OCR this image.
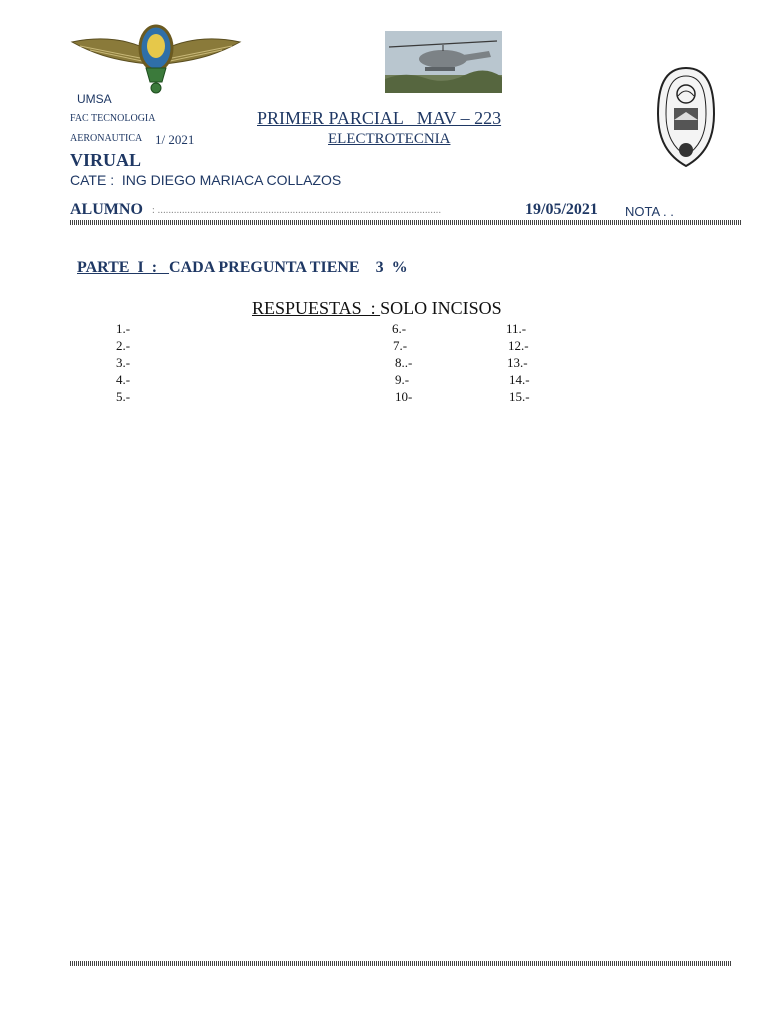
UMSA
FAC TECNOLOGIA
AERONAUTICA 1/ 2021
VIRUAL
CATE :  ING DIEGO MARIACA COLLAZOS
PRIMER PARCIAL   MAV – 223
ELECTROTECNIA
ALUMNO : .........................................................................................................	19/05/2021 NOTA . .

PARTE  I  :   CADA PREGUNTA TIENE    3  %

RESPUESTAS  : SOLO INCISOS

1.-
2.-
3.-
4.-
5.-
6.-
7.-
8..-
9.-
10-
11.-
12.-
13.-
14.-
15.-
